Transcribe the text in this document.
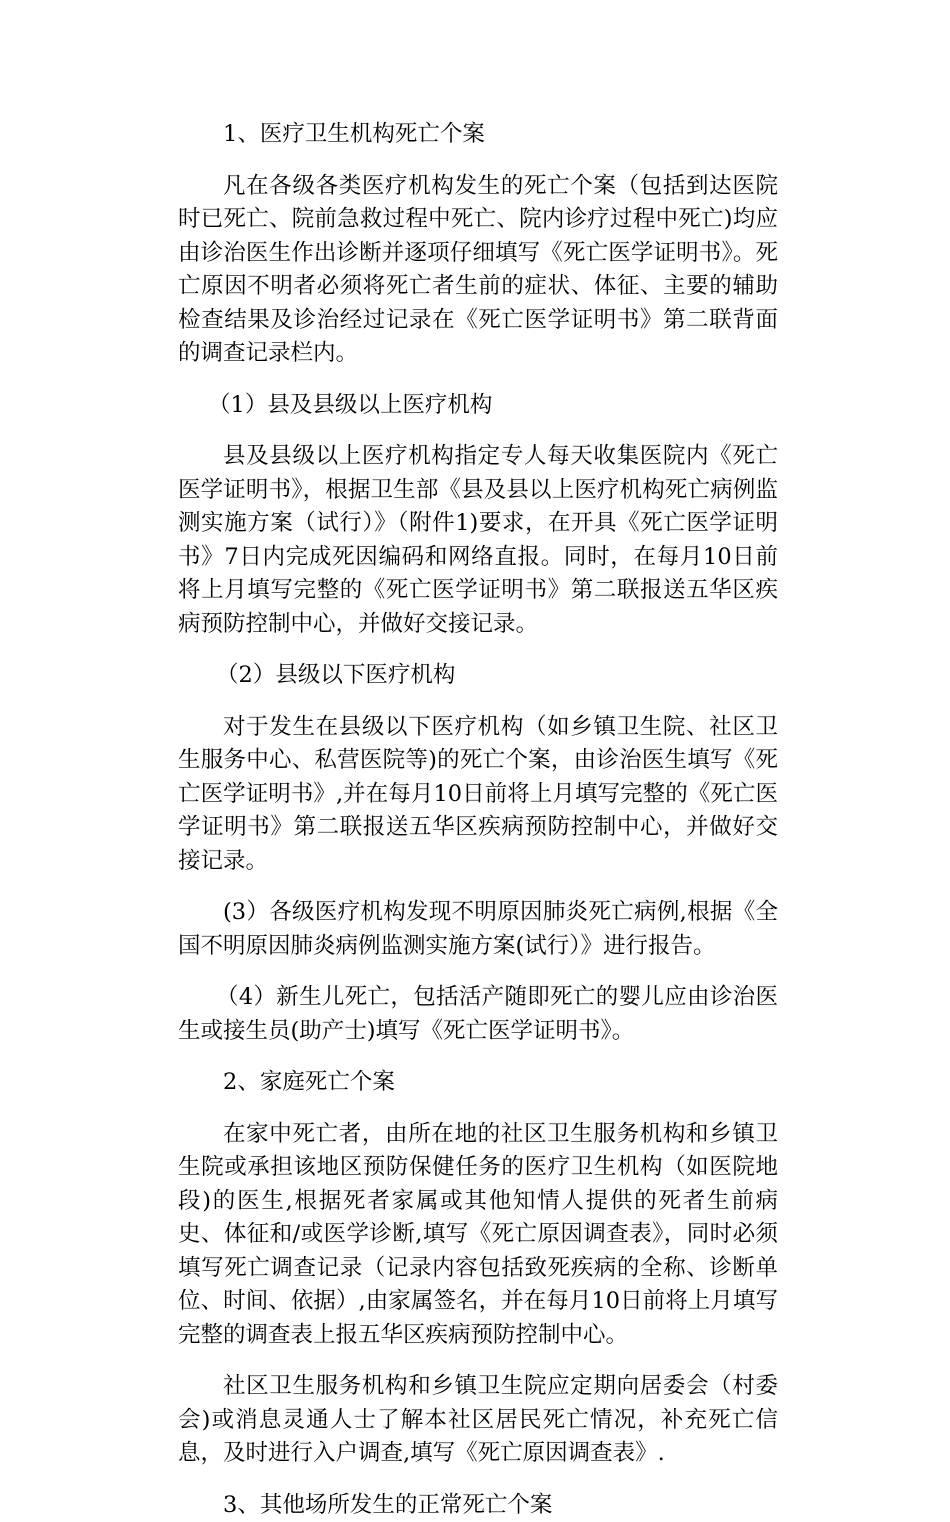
1、医疗卫生机构死亡个案

凡在各级各类医疗机构发生的死亡个案（包括到达医院时已死亡、院前急救过程中死亡、院内诊疗过程中死亡)均应由诊治医生作出诊断并逐项仔细填写《死亡医学证明书》。死亡原因不明者必须将死亡者生前的症状、体征、主要的辅助检查结果及诊治经过记录在《死亡医学证明书》第二联背面的调查记录栏内。

（1）县及县级以上医疗机构

县及县级以上医疗机构指定专人每天收集医院内《死亡医学证明书》，根据卫生部《县及县以上医疗机构死亡病例监测实施方案（试行）》（附件1)要求，在开具《死亡医学证明书》7日内完成死因编码和网络直报。同时，在每月10日前将上月填写完整的《死亡医学证明书》第二联报送五华区疾病预防控制中心，并做好交接记录。

（2）县级以下医疗机构

对于发生在县级以下医疗机构（如乡镇卫生院、社区卫生服务中心、私营医院等)的死亡个案，由诊治医生填写《死亡医学证明书》,并在每月10日前将上月填写完整的《死亡医学证明书》第二联报送五华区疾病预防控制中心，并做好交接记录。

(3）各级医疗机构发现不明原因肺炎死亡病例,根据《全国不明原因肺炎病例监测实施方案(试行）》进行报告。

（4）新生儿死亡，包括活产随即死亡的婴儿应由诊治医生或接生员(助产士)填写《死亡医学证明书》。

2、家庭死亡个案

在家中死亡者，由所在地的社区卫生服务机构和乡镇卫生院或承担该地区预防保健任务的医疗卫生机构（如医院地段)的医生,根据死者家属或其他知情人提供的死者生前病史、体征和/或医学诊断,填写《死亡原因调查表》，同时必须填写死亡调查记录（记录内容包括致死疾病的全称、诊断单位、时间、依据）,由家属签名，并在每月10日前将上月填写完整的调查表上报五华区疾病预防控制中心。

社区卫生服务机构和乡镇卫生院应定期向居委会（村委会)或消息灵通人士了解本社区居民死亡情况，补充死亡信息，及时进行入户调查,填写《死亡原因调查表》.

3、其他场所发生的正常死亡个案
